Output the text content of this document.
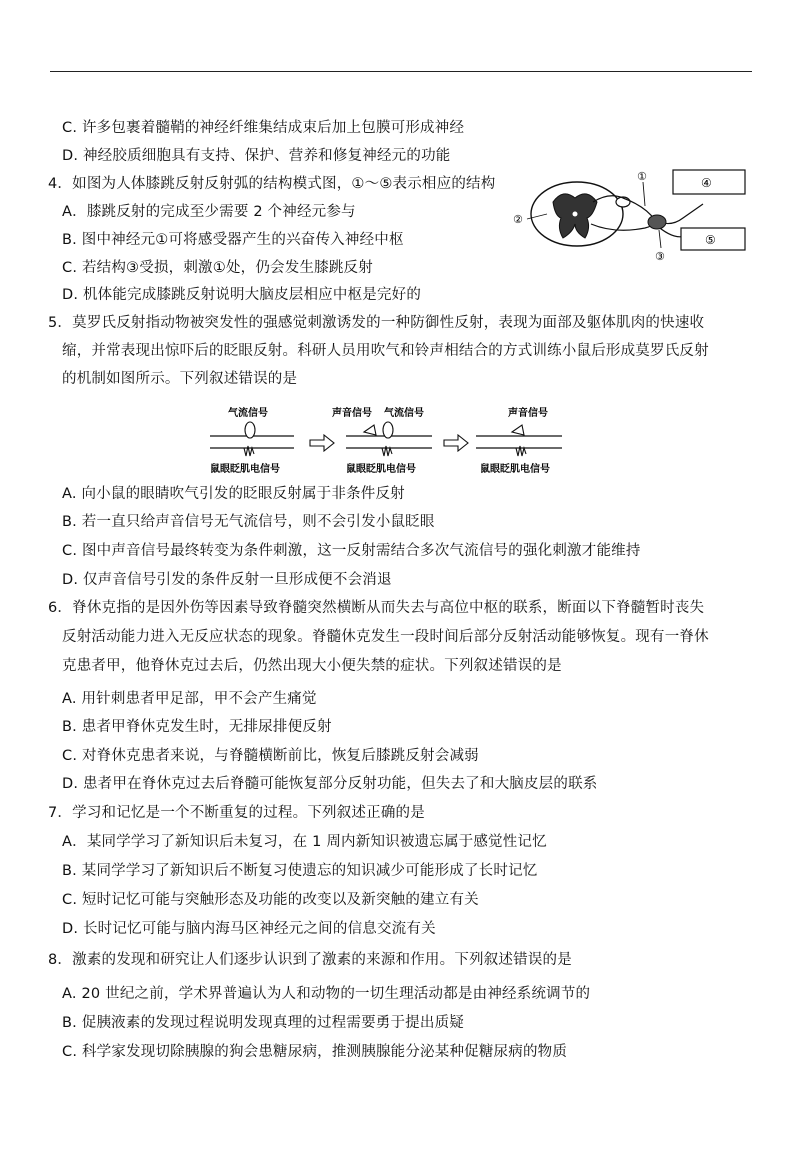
C. 许多包裹着髓鞘的神经纤维集结成束后加上包膜可形成神经
D. 神经胶质细胞具有支持、保护、营养和修复神经元的功能
4．如图为人体膝跳反射反射弧的结构模式图，①～⑤表示相应的结构
A．膝跳反射的完成至少需要 2 个神经元参与
B. 图中神经元①可将感受器产生的兴奋传入神经中枢
C. 若结构③受损，刺激①处，仍会发生膝跳反射
D. 机体能完成膝跳反射说明大脑皮层相应中枢是完好的
5．莫罗氏反射指动物被突发性的强感觉刺激诱发的一种防御性反射，表现为面部及躯体肌肉的快速收
缩，并常表现出惊吓后的眨眼反射。科研人员用吹气和铃声相结合的方式训练小鼠后形成莫罗氏反射
的机制如图所示。下列叙述错误的是
A. 向小鼠的眼睛吹气引发的眨眼反射属于非条件反射
B. 若一直只给声音信号无气流信号，则不会引发小鼠眨眼
C. 图中声音信号最终转变为条件刺激，这一反射需结合多次气流信号的强化刺激才能维持
D. 仅声音信号引发的条件反射一旦形成便不会消退
6．脊休克指的是因外伤等因素导致脊髓突然横断从而失去与高位中枢的联系，断面以下脊髓暂时丧失
反射活动能力进入无反应状态的现象。脊髓休克发生一段时间后部分反射活动能够恢复。现有一脊休
克患者甲，他脊休克过去后，仍然出现大小便失禁的症状。下列叙述错误的是
A. 用针刺患者甲足部，甲不会产生痛觉
B. 患者甲脊休克发生时，无排尿排便反射
C. 对脊休克患者来说，与脊髓横断前比，恢复后膝跳反射会减弱
D. 患者甲在脊休克过去后脊髓可能恢复部分反射功能，但失去了和大脑皮层的联系
7．学习和记忆是一个不断重复的过程。下列叙述正确的是
A．某同学学习了新知识后未复习，在 1 周内新知识被遗忘属于感觉性记忆
B. 某同学学习了新知识后不断复习使遗忘的知识减少可能形成了长时记忆
C. 短时记忆可能与突触形态及功能的改变以及新突触的建立有关
D. 长时记忆可能与脑内海马区神经元之间的信息交流有关
8．激素的发现和研究让人们逐步认识到了激素的来源和作用。下列叙述错误的是
A. 20 世纪之前，学术界普遍认为人和动物的一切生理活动都是由神经系统调节的
B. 促胰液素的发现过程说明发现真理的过程需要勇于提出质疑
C. 科学家发现切除胰腺的狗会患糖尿病，推测胰腺能分泌某种促糖尿病的物质
①
②
③
④
⑤
气流信号
鼠眼眨肌电信号
声音信号 气流信号
鼠眼眨肌电信号
声音信号
鼠眼眨肌电信号
